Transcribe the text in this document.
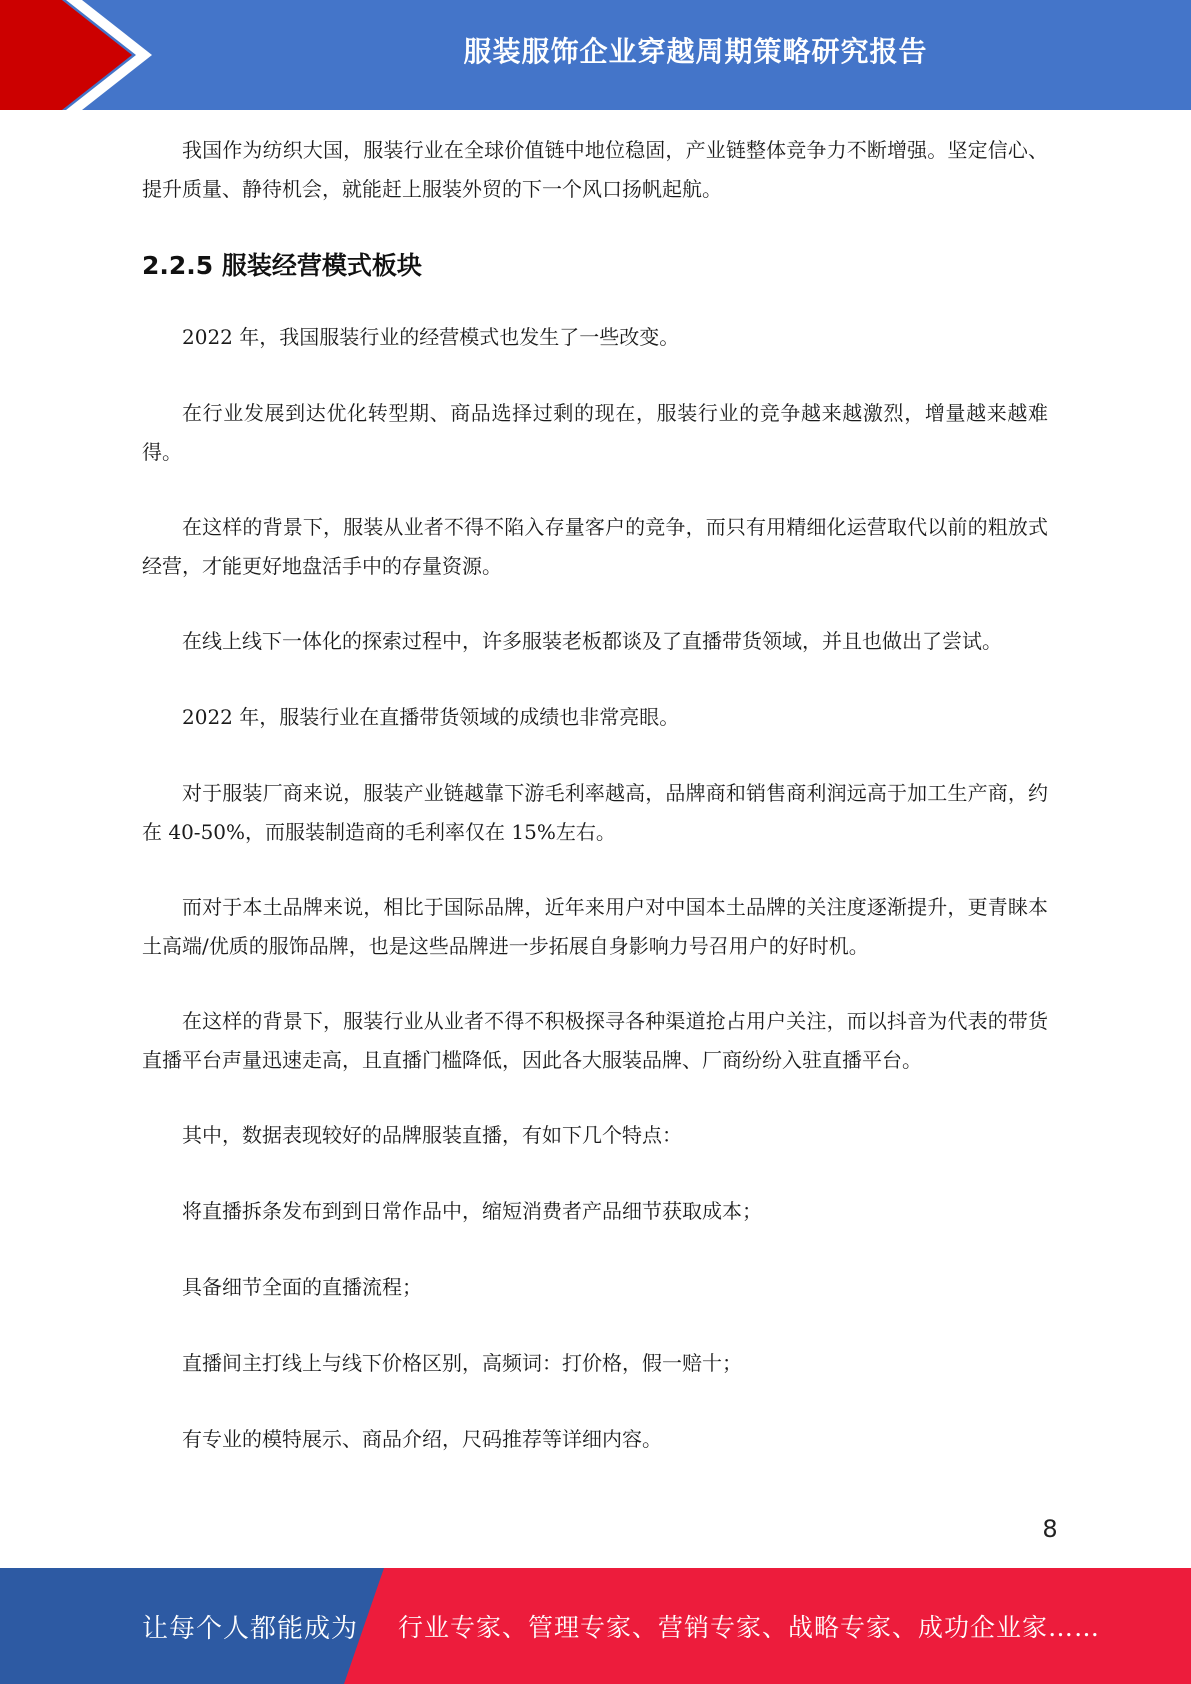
服装服饰企业穿越周期策略研究报告

我国作为纺织大国，服装行业在全球价值链中地位稳固，产业链整体竞争力不断增强。坚定信心、提升质量、静待机会，就能赶上服装外贸的下一个风口扬帆起航。

2.2.5 服装经营模式板块

2022 年，我国服装行业的经营模式也发生了一些改变。

在行业发展到达优化转型期、商品选择过剩的现在，服装行业的竞争越来越激烈，增量越来越难得。

在这样的背景下，服装从业者不得不陷入存量客户的竞争，而只有用精细化运营取代以前的粗放式经营，才能更好地盘活手中的存量资源。

在线上线下一体化的探索过程中，许多服装老板都谈及了直播带货领域，并且也做出了尝试。

2022 年，服装行业在直播带货领域的成绩也非常亮眼。

对于服装厂商来说，服装产业链越靠下游毛利率越高，品牌商和销售商利润远高于加工生产商，约在 40-50%，而服装制造商的毛利率仅在 15%左右。

而对于本土品牌来说，相比于国际品牌，近年来用户对中国本土品牌的关注度逐渐提升，更青睐本土高端/优质的服饰品牌，也是这些品牌进一步拓展自身影响力号召用户的好时机。

在这样的背景下，服装行业从业者不得不积极探寻各种渠道抢占用户关注，而以抖音为代表的带货直播平台声量迅速走高，且直播门槛降低，因此各大服装品牌、厂商纷纷入驻直播平台。

其中，数据表现较好的品牌服装直播，有如下几个特点：

将直播拆条发布到到日常作品中，缩短消费者产品细节获取成本；

具备细节全面的直播流程；

直播间主打线上与线下价格区别，高频词：打价格，假一赔十；

有专业的模特展示、商品介绍，尺码推荐等详细内容。

8
让每个人都能成为 行业专家、管理专家、营销专家、战略专家、成功企业家……
